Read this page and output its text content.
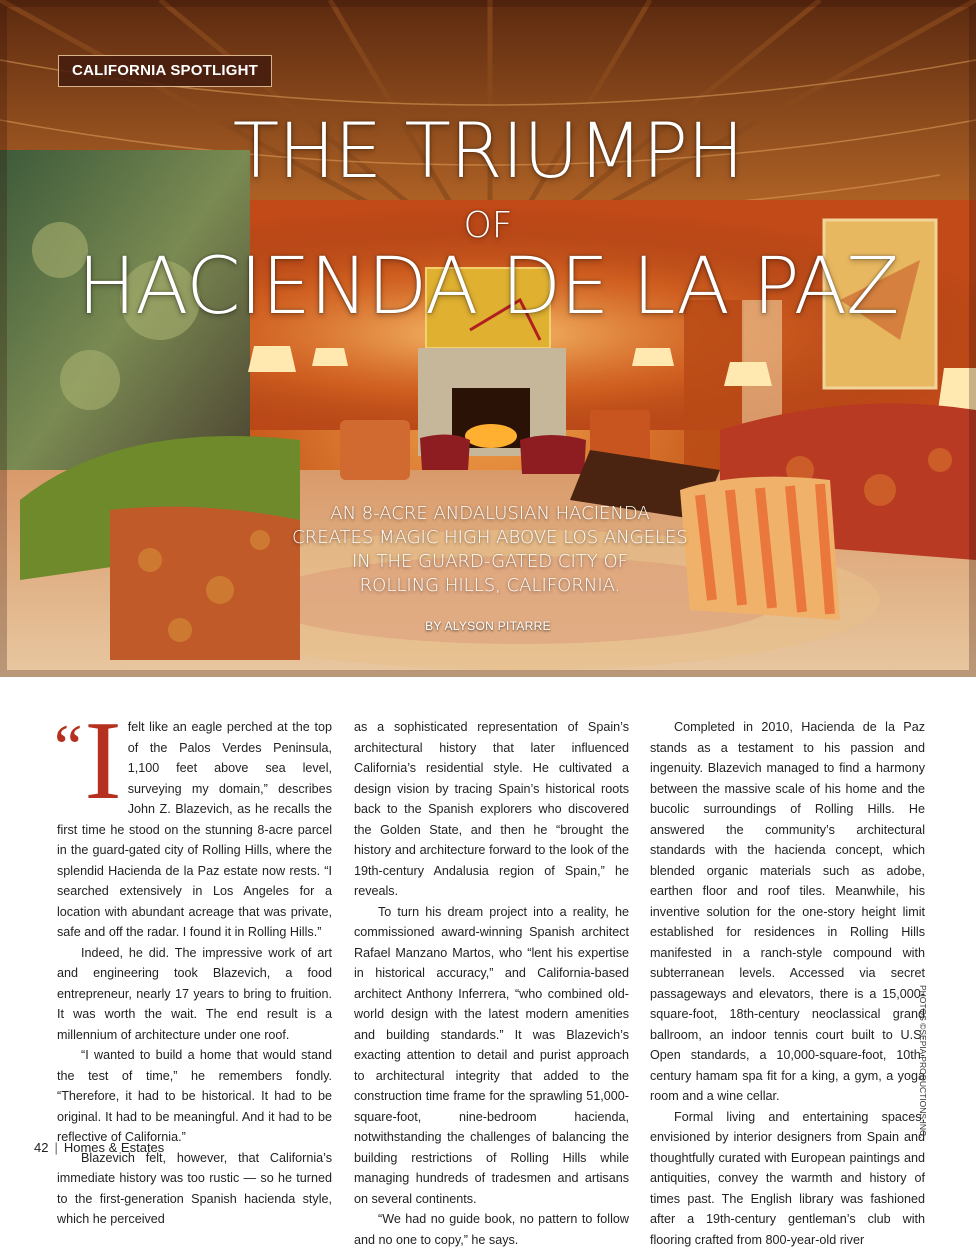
CALIFORNIA SPOTLIGHT
THE TRIUMPH
OF
HACIENDA DE LA PAZ
AN 8-ACRE ANDALUSIAN HACIENDA
CREATES MAGIC HIGH ABOVE LOS ANGELES
IN THE GUARD-GATED CITY OF
ROLLING HILLS, CALIFORNIA.
BY ALYSON PITARRE
“ I felt like an eagle perched at the top of the Palos Verdes Peninsula, 1,100 feet above sea level, surveying my domain,” describes John Z. Blazevich, as he recalls the first time he stood on the stunning 8-acre parcel in the guard-gated city of Rolling Hills, where the splendid Hacienda de la Paz estate now rests. “I searched extensively in Los Angeles for a location with abundant acreage that was private, safe and off the radar. I found it in Rolling Hills.”

Indeed, he did. The impressive work of art and engineering took Blazevich, a food entrepreneur, nearly 17 years to bring to fruition. It was worth the wait. The end result is a millennium of architecture under one roof.

“I wanted to build a home that would stand the test of time,” he remembers fondly. “Therefore, it had to be historical. It had to be original. It had to be meaningful. And it had to be reflective of California.”

Blazevich felt, however, that California’s immediate history was too rustic — so he turned to the first-generation Spanish hacienda style, which he perceived

as a sophisticated representation of Spain’s architectural history that later influenced California’s residential style. He cultivated a design vision by tracing Spain’s historical roots back to the Spanish explorers who discovered the Golden State, and then he “brought the history and architecture forward to the look of the 19th-century Andalusia region of Spain,” he reveals.

To turn his dream project into a reality, he commissioned award-winning Spanish architect Rafael Manzano Martos, who “lent his expertise in historical accuracy,” and California-based architect Anthony Inferrera, “who combined old-world design with the latest modern amenities and building standards.” It was Blazevich’s exacting attention to detail and purist approach to architectural integrity that added to the construction time frame for the sprawling 51,000-square-foot, nine-bedroom hacienda, notwithstanding the challenges of balancing the building restrictions of Rolling Hills while managing hundreds of tradesmen and artisans on several continents.

“We had no guide book, no pattern to follow and no one to copy,” he says.

Completed in 2010, Hacienda de la Paz stands as a testament to his passion and ingenuity. Blazevich managed to find a harmony between the massive scale of his home and the bucolic surroundings of Rolling Hills. He answered the community’s architectural standards with the hacienda concept, which blended organic materials such as adobe, earthen floor and roof tiles. Meanwhile, his inventive solution for the one-story height limit established for residences in Rolling Hills manifested in a ranch-style compound with subterranean levels. Accessed via secret passageways and elevators, there is a 15,000-square-foot, 18th-century neoclassical grand ballroom, an indoor tennis court built to U.S. Open standards, a 10,000-square-foot, 10th-century hamam spa fit for a king, a gym, a yoga room and a wine cellar.

Formal living and entertaining spaces, envisioned by interior designers from Spain and thoughtfully curated with European paintings and antiquities, convey the warmth and history of times past. The English library was fashioned after a 19th-century gentleman’s club with flooring crafted from 800-year-old river

PHOTOS ©SEPIA PRODUCTIONS INC.
42 | Homes & Estates
